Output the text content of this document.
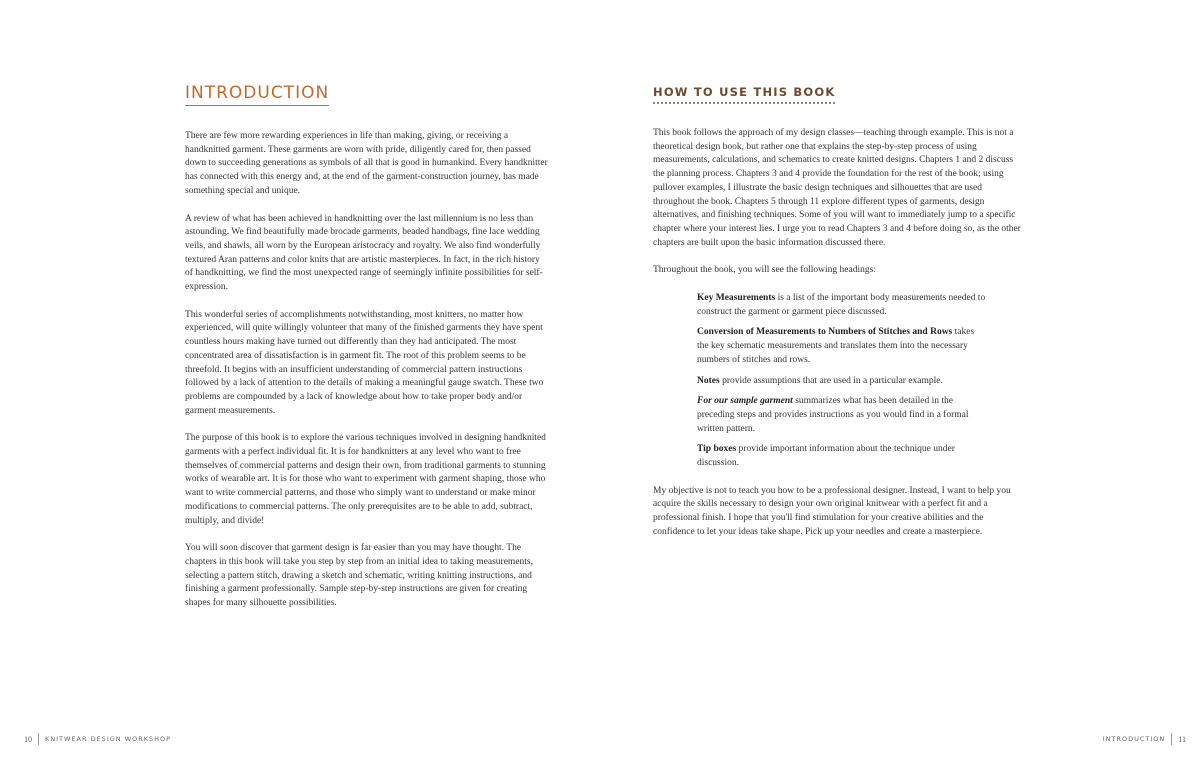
INTRODUCTION

There are few more rewarding experiences in life than making, giving, or receiving a handknitted garment. These garments are worn with pride, diligently cared for, then passed down to succeeding generations as symbols of all that is good in humankind. Every handknitter has connected with this energy and, at the end of the garment-construction journey, has made something special and unique.

A review of what has been achieved in handknitting over the last millennium is no less than astounding. We find beautifully made brocade garments, beaded handbags, fine lace wedding veils, and shawls, all worn by the European aristocracy and royalty. We also find wonderfully textured Aran patterns and color knits that are artistic masterpieces. In fact, in the rich history of handknitting, we find the most unexpected range of seemingly infinite possibilities for self-expression.

This wonderful series of accomplishments notwithstanding, most knitters, no matter how experienced, will quite willingly volunteer that many of the finished garments they have spent countless hours making have turned out differently than they had anticipated. The most concentrated area of dissatisfaction is in garment fit. The root of this problem seems to be threefold. It begins with an insufficient understanding of commercial pattern instructions followed by a lack of attention to the details of making a meaningful gauge swatch. These two problems are compounded by a lack of knowledge about how to take proper body and/or garment measurements.

The purpose of this book is to explore the various techniques involved in designing handknited garments with a perfect individual fit. It is for handknitters at any level who want to free themselves of commercial patterns and design their own, from traditional garments to stunning works of wearable art. It is for those who want to experiment with garment shaping, those who want to write commercial patterns, and those who simply want to understand or make minor modifications to commercial patterns. The only prerequisites are to be able to add, subtract, multiply, and divide!

You will soon discover that garment design is far easier than you may have thought. The chapters in this book will take you step by step from an initial idea to taking measurements, selecting a pattern stitch, drawing a sketch and schematic, writing knitting instructions, and finishing a garment professionally. Sample step-by-step instructions are given for creating shapes for many silhouette possibilities.

10 KNITWEAR DESIGN WORKSHOP
HOW TO USE THIS BOOK

This book follows the approach of my design classes—teaching through example. This is not a theoretical design book, but rather one that explains the step-by-step process of using measurements, calculations, and schematics to create knitted designs. Chapters 1 and 2 discuss the planning process. Chapters 3 and 4 provide the foundation for the rest of the book; using pullover examples, I illustrate the basic design techniques and silhouettes that are used throughout the book. Chapters 5 through 11 explore different types of garments, design alternatives, and finishing techniques. Some of you will want to immediately jump to a specific chapter where your interest lies. I urge you to read Chapters 3 and 4 before doing so, as the other chapters are built upon the basic information discussed there.

Throughout the book, you will see the following headings:

Key Measurements is a list of the important body measurements needed to construct the garment or garment piece discussed.
Conversion of Measurements to Numbers of Stitches and Rows takes the key schematic measurements and translates them into the necessary numbers of stitches and rows.
Notes provide assumptions that are used in a particular example.
For our sample garment summarizes what has been detailed in the preceding steps and provides instructions as you would find in a formal written pattern.
Tip boxes provide important information about the technique under discussion.

My objective is not to teach you how to be a professional designer. Instead, I want to help you acquire the skills necessary to design your own original knitwear with a perfect fit and a professional finish. I hope that you'll find stimulation for your creative abilities and the confidence to let your ideas take shape. Pick up your needles and create a masterpiece.

INTRODUCTION 11
